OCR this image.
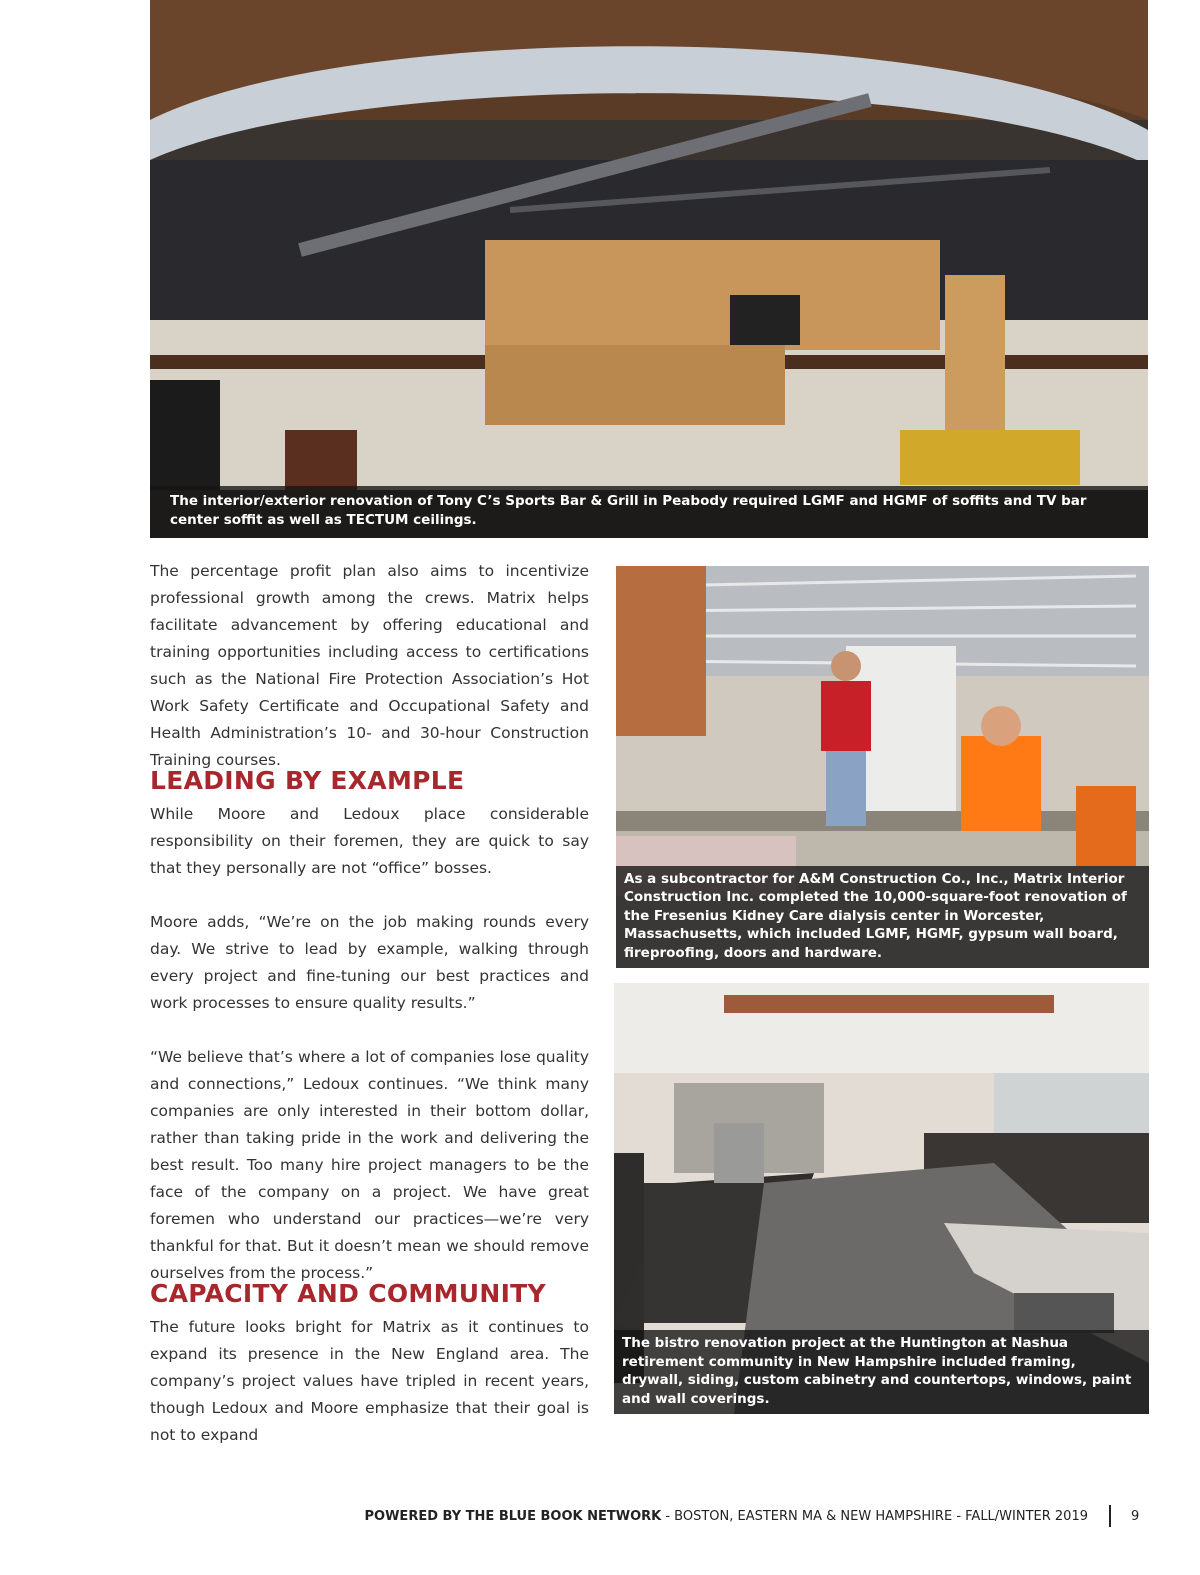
The interior/exterior renovation of Tony C’s Sports Bar & Grill in Peabody required LGMF and HGMF of soffits and TV bar center soffit as well as TECTUM ceilings.

The percentage profit plan also aims to incentivize professional growth among the crews. Matrix helps facilitate advancement by offering educational and training opportunities including access to certifications such as the National Fire Protection Association’s Hot Work Safety Certificate and Occupational Safety and Health Administration’s 10- and 30-hour Construction Training courses.

LEADING BY EXAMPLE

While Moore and Ledoux place considerable responsibility on their foremen, they are quick to say that they personally are not “office” bosses.

Moore adds, “We’re on the job making rounds every day. We strive to lead by example, walking through every project and fine-tuning our best practices and work processes to ensure quality results.”

“We believe that’s where a lot of companies lose quality and connections,” Ledoux continues. “We think many companies are only interested in their bottom dollar, rather than taking pride in the work and delivering the best result. Too many hire project managers to be the face of the company on a project. We have great foremen who understand our practices—we’re very thankful for that. But it doesn’t mean we should remove ourselves from the process.”

CAPACITY AND COMMUNITY

The future looks bright for Matrix as it continues to expand its presence in the New England area. The company’s project values have tripled in recent years, though Ledoux and Moore emphasize that their goal is not to expand

As a subcontractor for A&M Construction Co., Inc., Matrix Interior Construction Inc. completed the 10,000-square-foot renovation of the Fresenius Kidney Care dialysis center in Worcester, Massachusetts, which included LGMF, HGMF, gypsum wall board, fireproofing, doors and hardware.
The bistro renovation project at the Huntington at Nashua retirement community in New Hampshire included framing, drywall, siding, custom cabinetry and countertops, windows, paint and wall coverings.
POWERED BY THE BLUE BOOK NETWORK - BOSTON, EASTERN MA & NEW HAMPSHIRE - FALL/WINTER 2019	9
